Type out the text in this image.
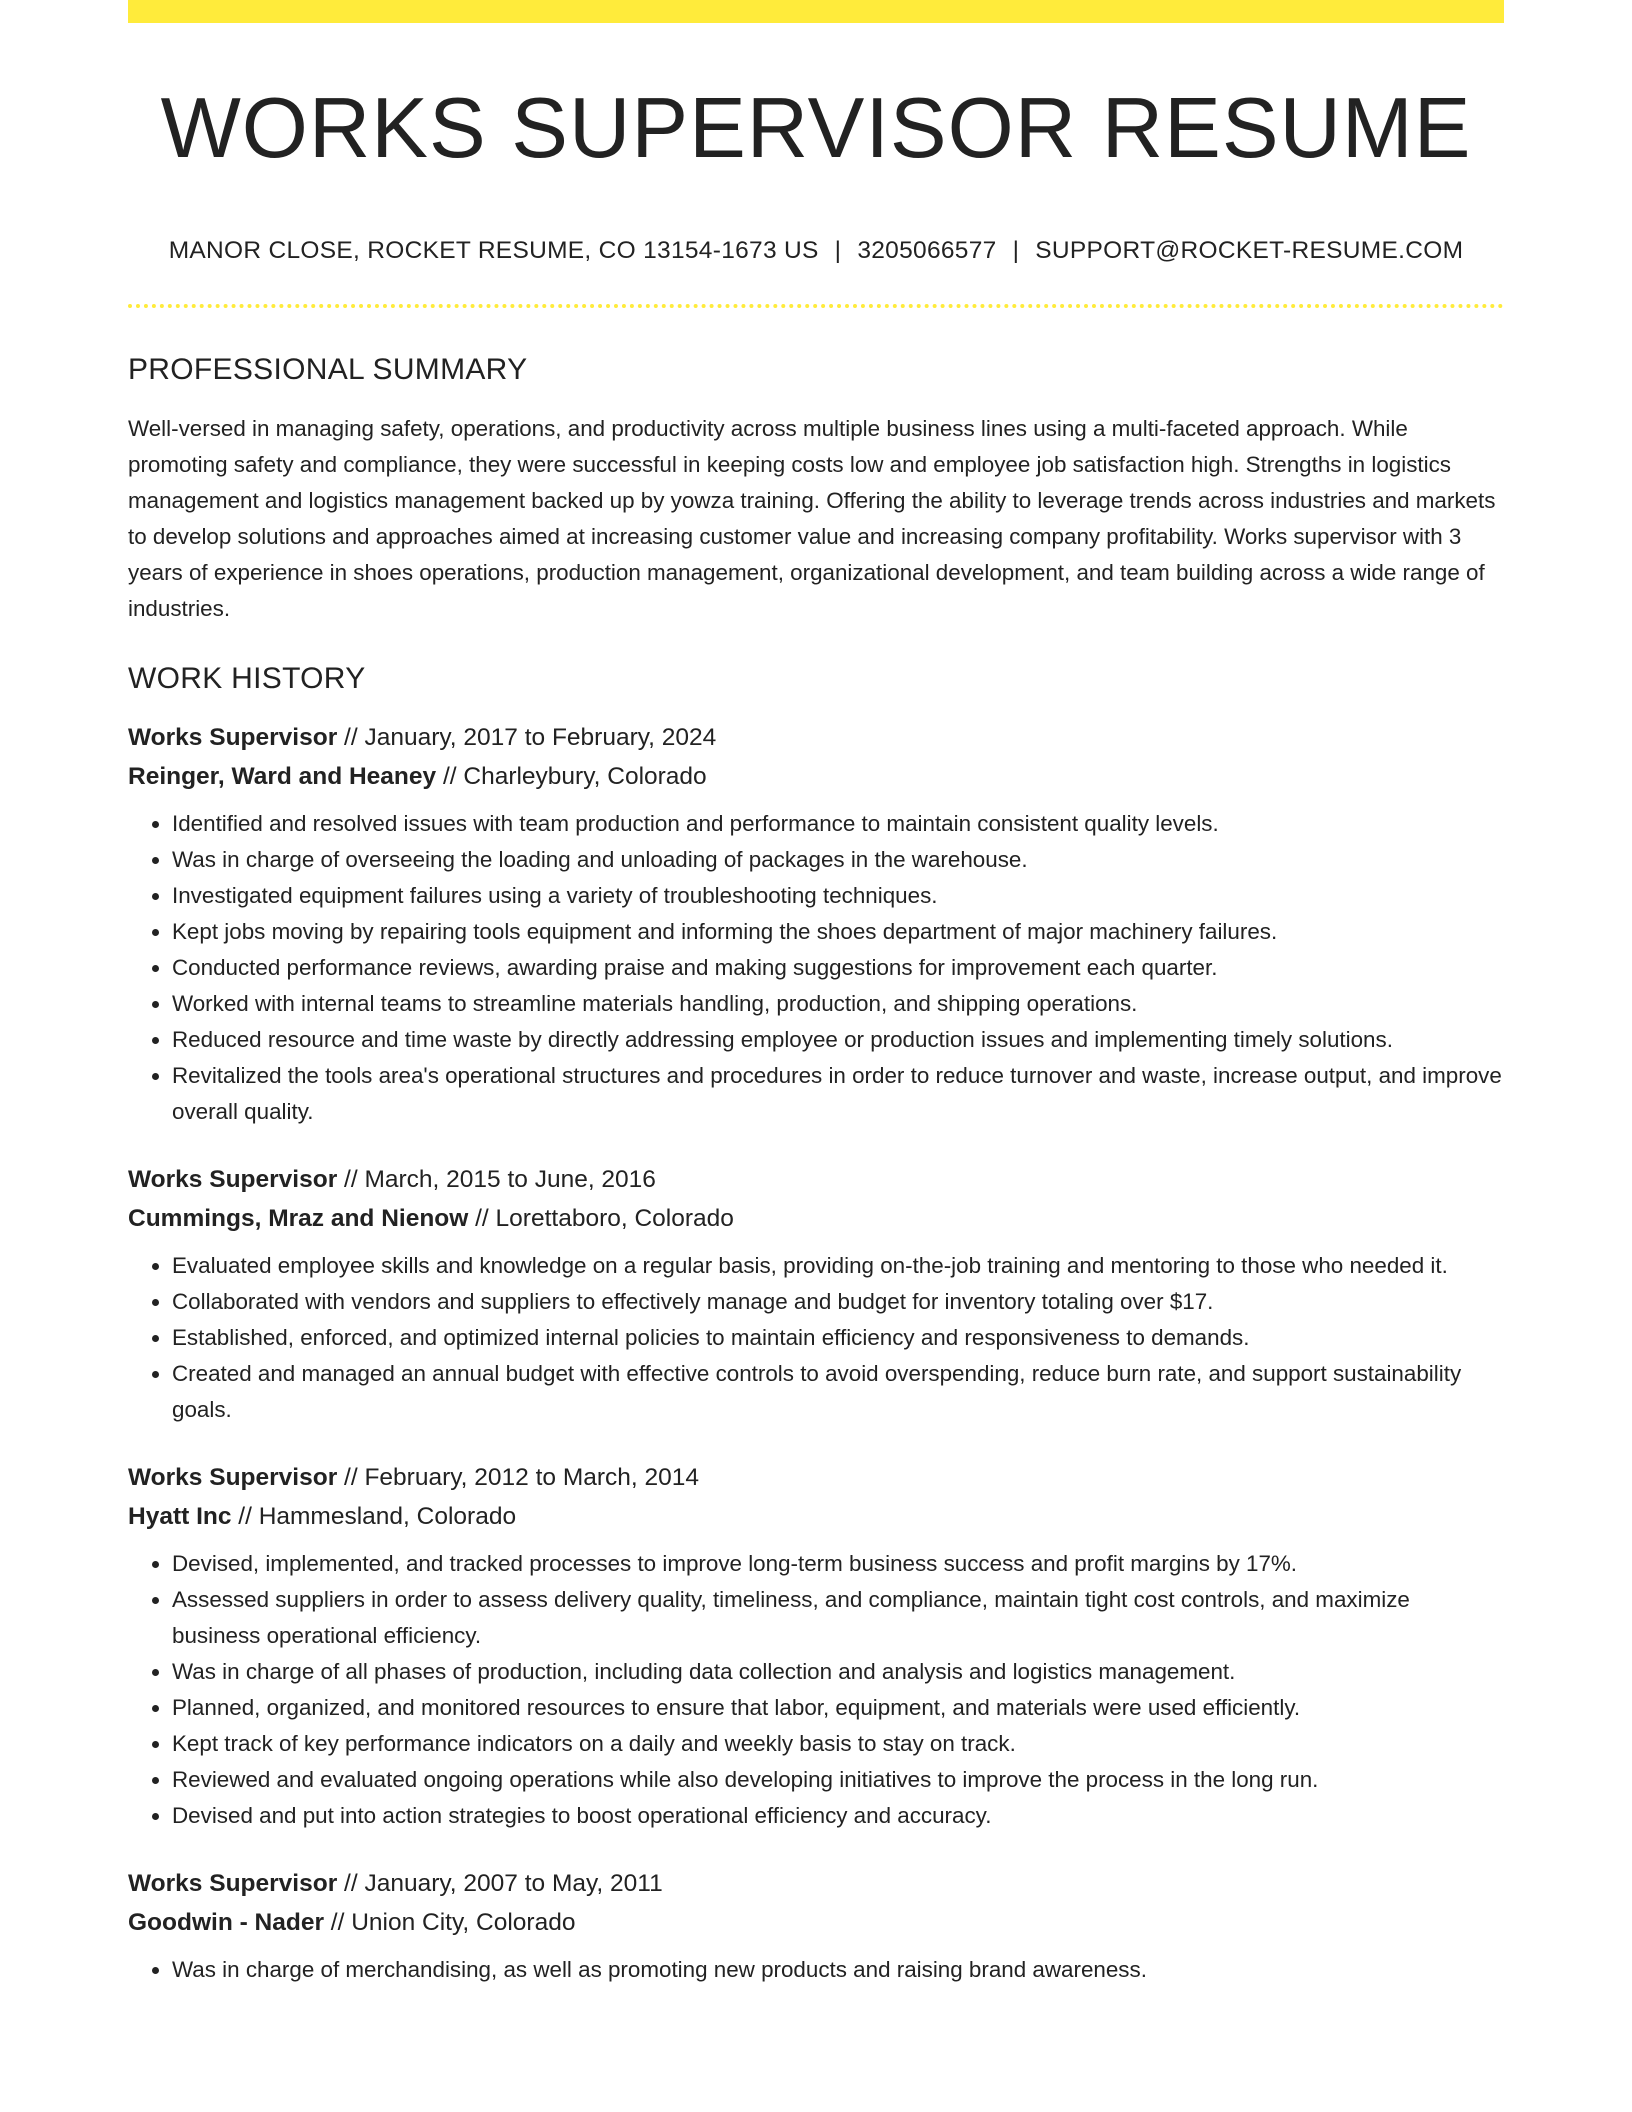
WORKS SUPERVISOR RESUME
MANOR CLOSE, ROCKET RESUME, CO 13154-1673 US | 3205066577 | SUPPORT@ROCKET-RESUME.COM
PROFESSIONAL SUMMARY

Well-versed in managing safety, operations, and productivity across multiple business lines using a multi-faceted approach. While promoting safety and compliance, they were successful in keeping costs low and employee job satisfaction high. Strengths in logistics management and logistics management backed up by yowza training. Offering the ability to leverage trends across industries and markets to develop solutions and approaches aimed at increasing customer value and increasing company profitability. Works supervisor with 3 years of experience in shoes operations, production management, organizational development, and team building across a wide range of industries.

WORK HISTORY
Works Supervisor // January, 2017 to February, 2024
Reinger, Ward and Heaney // Charleybury, Colorado
• Identified and resolved issues with team production and performance to maintain consistent quality levels.
• Was in charge of overseeing the loading and unloading of packages in the warehouse.
• Investigated equipment failures using a variety of troubleshooting techniques.
• Kept jobs moving by repairing tools equipment and informing the shoes department of major machinery failures.
• Conducted performance reviews, awarding praise and making suggestions for improvement each quarter.
• Worked with internal teams to streamline materials handling, production, and shipping operations.
• Reduced resource and time waste by directly addressing employee or production issues and implementing timely solutions.
• Revitalized the tools area's operational structures and procedures in order to reduce turnover and waste, increase output, and improve overall quality.
Works Supervisor // March, 2015 to June, 2016
Cummings, Mraz and Nienow // Lorettaboro, Colorado
• Evaluated employee skills and knowledge on a regular basis, providing on-the-job training and mentoring to those who needed it.
• Collaborated with vendors and suppliers to effectively manage and budget for inventory totaling over $17.
• Established, enforced, and optimized internal policies to maintain efficiency and responsiveness to demands.
• Created and managed an annual budget with effective controls to avoid overspending, reduce burn rate, and support sustainability goals.
Works Supervisor // February, 2012 to March, 2014
Hyatt Inc // Hammesland, Colorado
• Devised, implemented, and tracked processes to improve long-term business success and profit margins by 17%.
• Assessed suppliers in order to assess delivery quality, timeliness, and compliance, maintain tight cost controls, and maximize business operational efficiency.
• Was in charge of all phases of production, including data collection and analysis and logistics management.
• Planned, organized, and monitored resources to ensure that labor, equipment, and materials were used efficiently.
• Kept track of key performance indicators on a daily and weekly basis to stay on track.
• Reviewed and evaluated ongoing operations while also developing initiatives to improve the process in the long run.
• Devised and put into action strategies to boost operational efficiency and accuracy.
Works Supervisor // January, 2007 to May, 2011
Goodwin - Nader // Union City, Colorado
• Was in charge of merchandising, as well as promoting new products and raising brand awareness.
